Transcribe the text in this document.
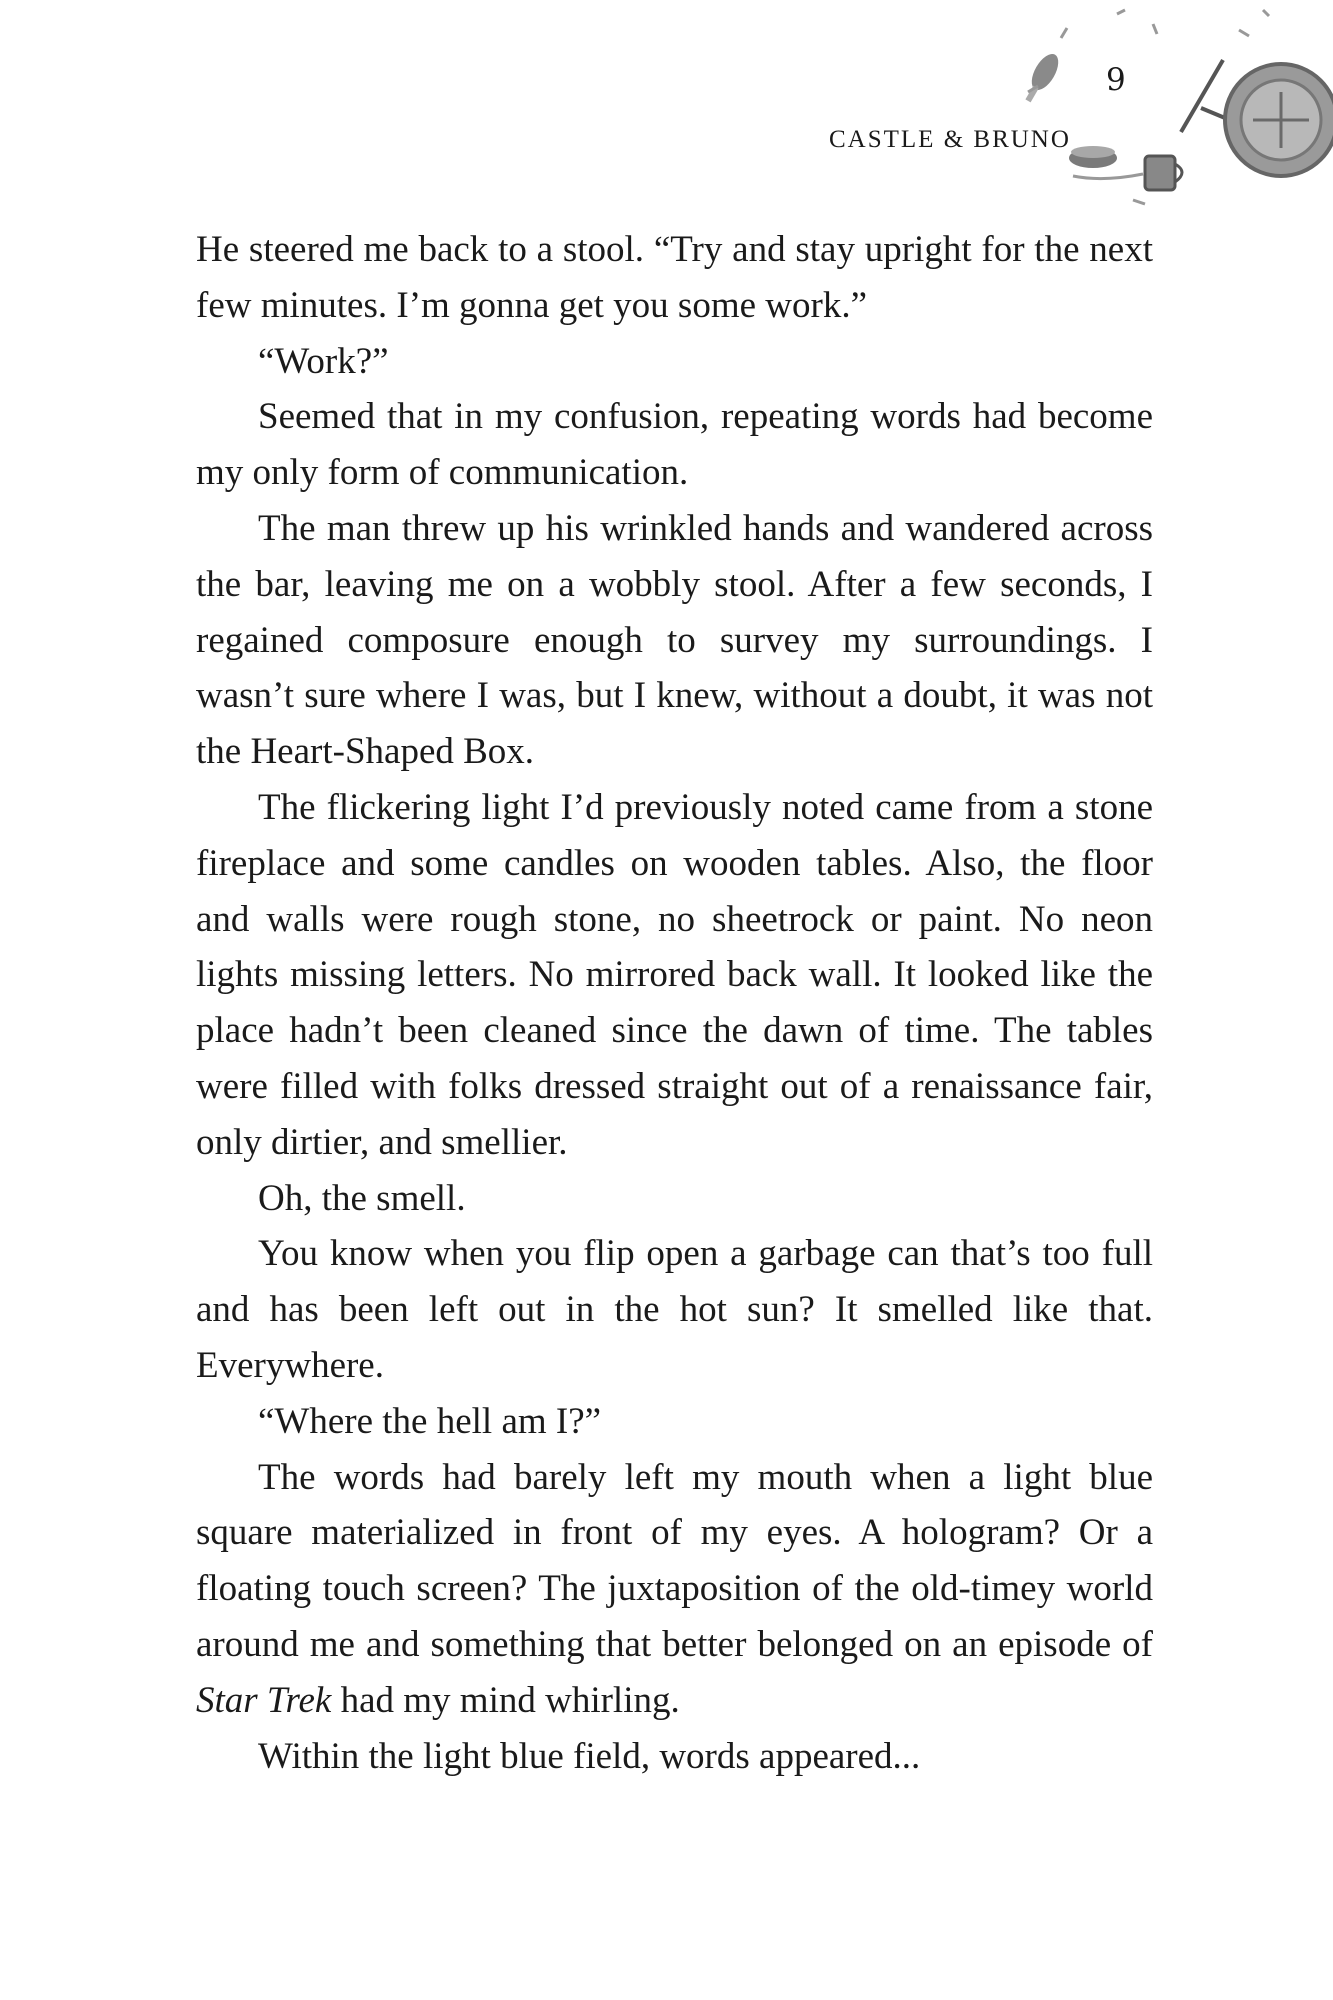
9
CASTLE & BRUNO

He steered me back to a stool. “Try and stay upright for the next few minutes. I’m gonna get you some work.”

“Work?”

Seemed that in my confusion, repeating words had become my only form of communication.

The man threw up his wrinkled hands and wandered across the bar, leaving me on a wobbly stool. After a few seconds, I regained composure enough to survey my surroundings. I wasn’t sure where I was, but I knew, without a doubt, it was not the Heart-Shaped Box.

The flickering light I’d previously noted came from a stone fireplace and some candles on wooden tables. Also, the floor and walls were rough stone, no sheetrock or paint. No neon lights missing letters. No mirrored back wall. It looked like the place hadn’t been cleaned since the dawn of time. The tables were filled with folks dressed straight out of a renaissance fair, only dirtier, and smellier.

Oh, the smell.

You know when you flip open a garbage can that’s too full and has been left out in the hot sun? It smelled like that. Everywhere.

“Where the hell am I?”

The words had barely left my mouth when a light blue square materialized in front of my eyes. A hologram? Or a floating touch screen? The juxtaposition of the old-timey world around me and something that better belonged on an episode of Star Trek had my mind whirling.

Within the light blue field, words appeared...
